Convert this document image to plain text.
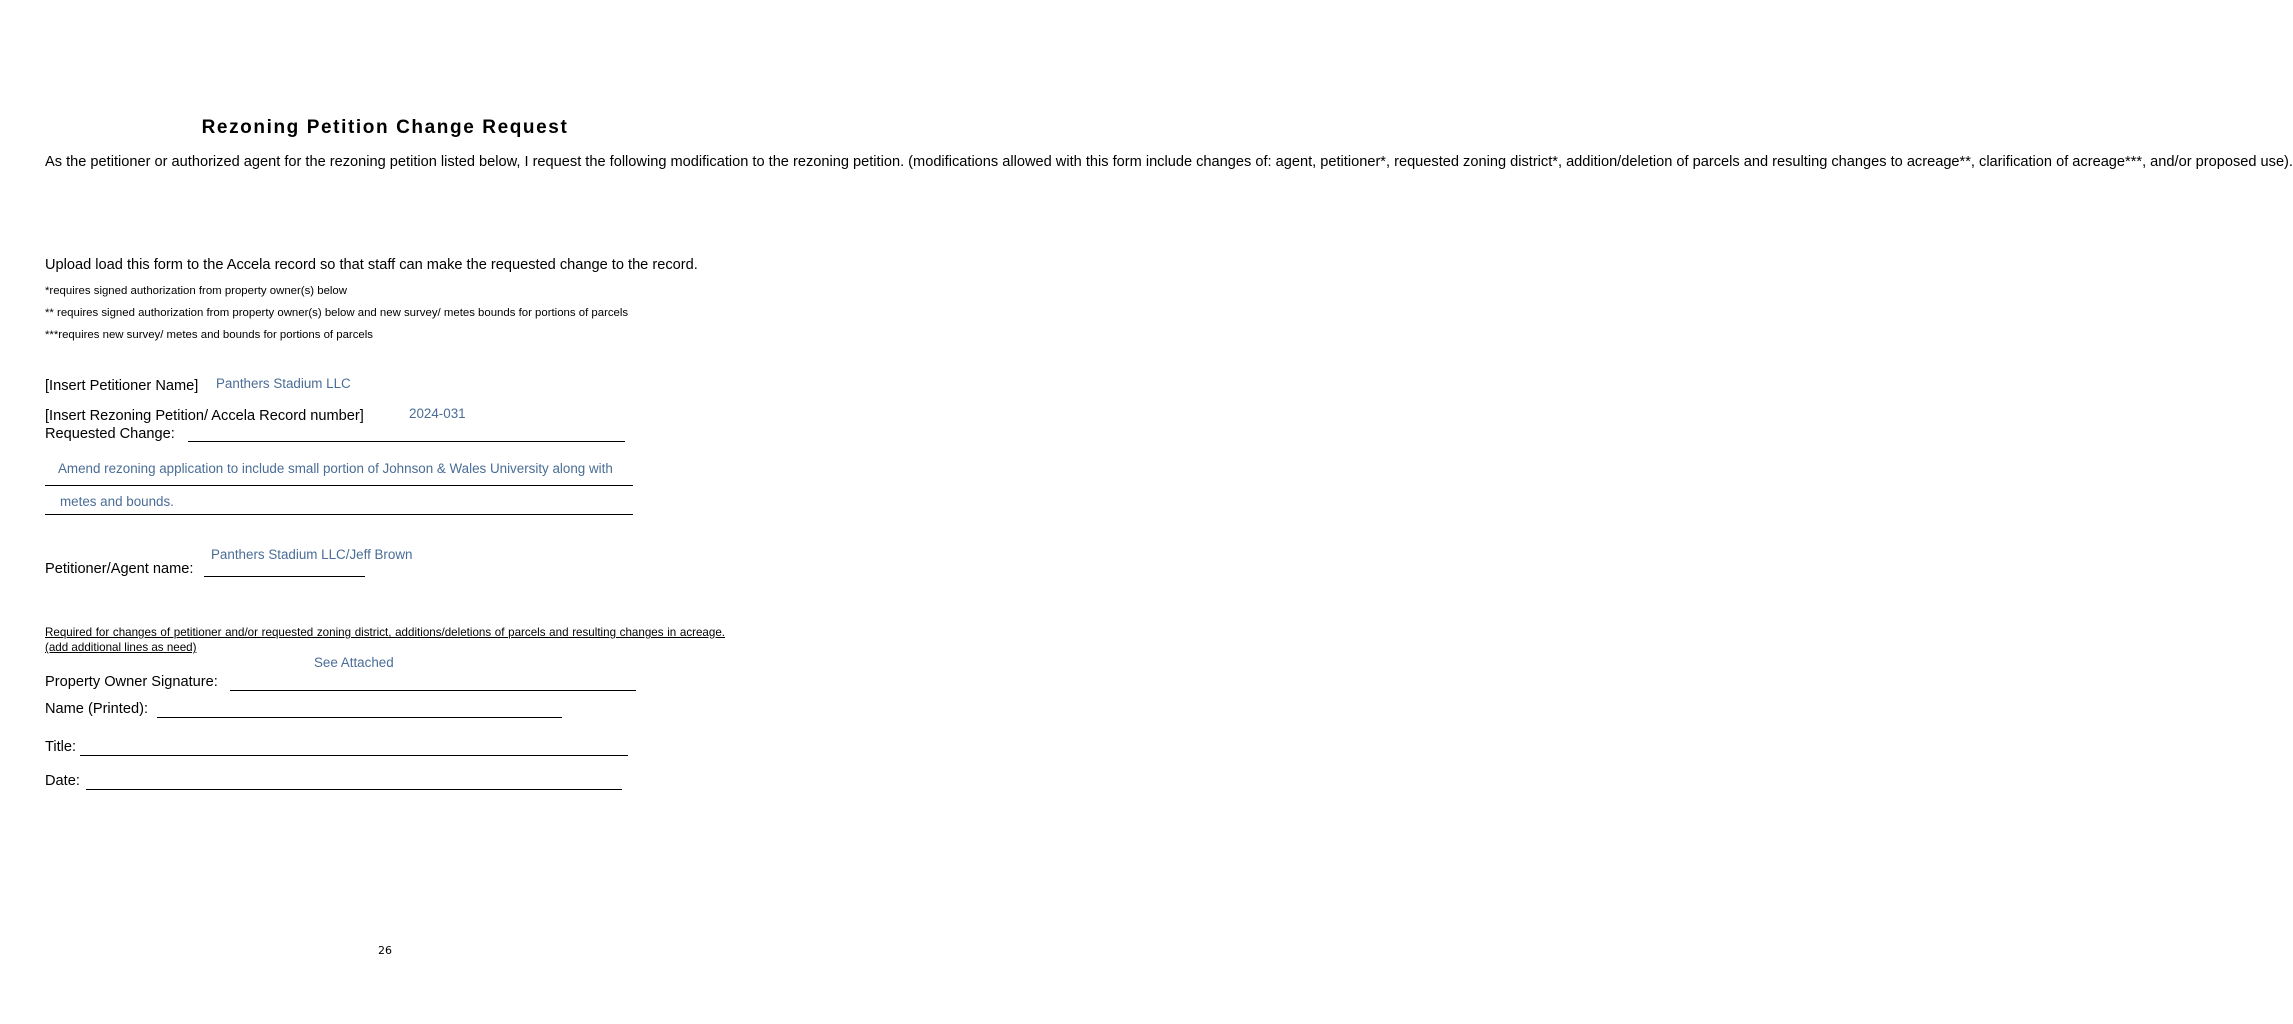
Rezoning Petition Change Request

As the petitioner or authorized agent for the rezoning petition listed below, I request the following modification to the rezoning petition. (modifications allowed with this form include changes of: agent, petitioner*, requested zoning district*, addition/deletion of parcels and resulting changes to acreage**, clarification of acreage***, and/or proposed use).

Upload load this form to the Accela record so that staff can make the requested change to the record.
*requires signed authorization from property owner(s) below
** requires signed authorization from property owner(s) below and new survey/ metes bounds for portions of parcels
***requires new survey/ metes and bounds for portions of parcels
[Insert Petitioner Name] Panthers Stadium LLC
[Insert Rezoning Petition/ Accela Record number]	2024-031
Requested Change:
Amend rezoning application to include small portion of Johnson & Wales University along with
metes and bounds.
Panthers Stadium LLC/Jeff Brown
Petitioner/Agent name:
Required for changes of petitioner and/or requested zoning district, additions/deletions of parcels and resulting changes in acreage. (add additional lines as need)
See Attached
Property Owner Signature:
Name (Printed):
Title:
Date:
26
